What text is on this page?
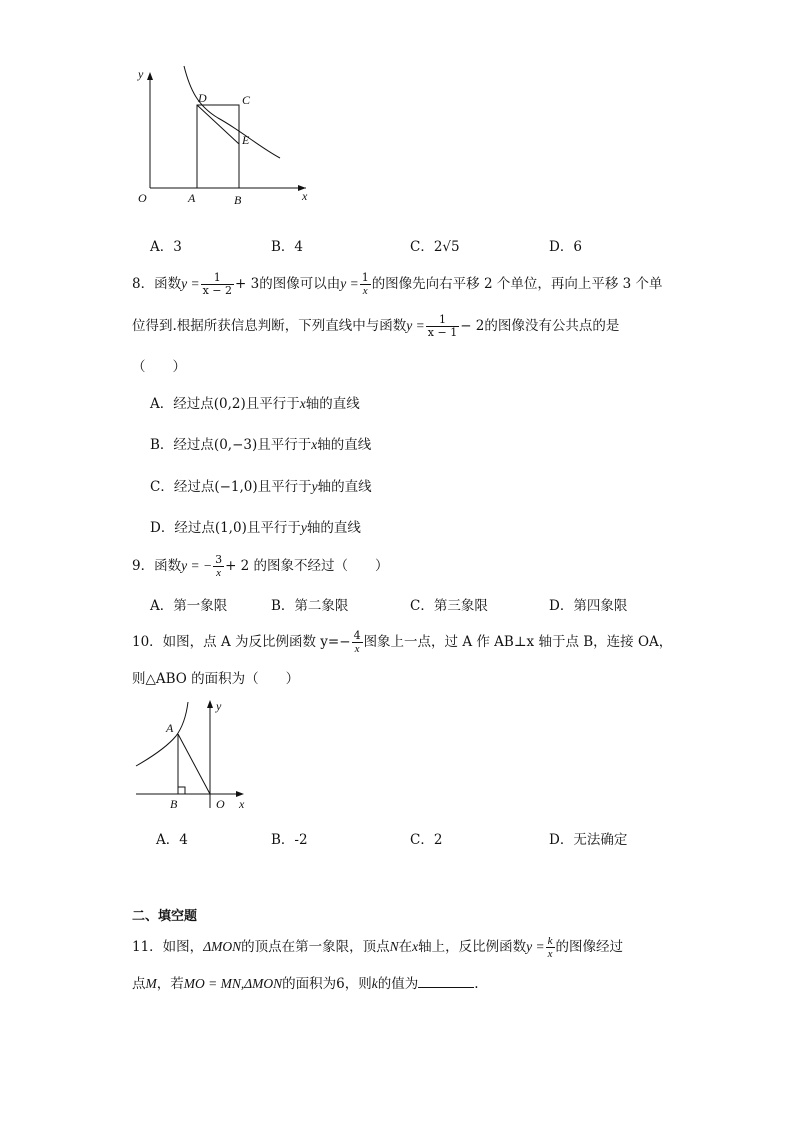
y
x
O	A	B
C
D
E
A．3	B．4	C．2√5	D．6
8．函数$y = \frac{1}{x - 2} + 3$的图像可以由$y = \frac{1}{x}$ 的图像先向右平移 2 个单位，再向上平移 3 个单
位得到.根据所获信息判断，下列直线中与函数$y = \frac{1}{x - 1} - 2$的图像没有公共点的是
（　　）
A．经过点(0,2)且平行于x轴的直线
B．经过点(0,−3)且平行于x轴的直线
C．经过点(−1,0)且平行于y轴的直线
D．经过点(1,0)且平行于y轴的直线
9．函数y = − $\frac{3}{x} + 2$ 的图象不经过（　　）
A．第一象限	B．第二象限	C．第三象限	D．第四象限
10．如图，点 A 为反比例函数 $y=- \frac{4}{x}$ 图象上一点，过 A 作 AB⊥x 轴于点 B，连接 OA，
则△ABO 的面积为（　　）
A
B	O x
y
A．4	B．-2	C．2	D．无法确定
二、填空题
11．如图，ΔMON的顶点在第一象限，顶点N在x轴上，反比例函数$y = \frac{k}{x}$ 的图像经过
点M，若MO = MN,ΔMON的面积为6，则k的值为	.
